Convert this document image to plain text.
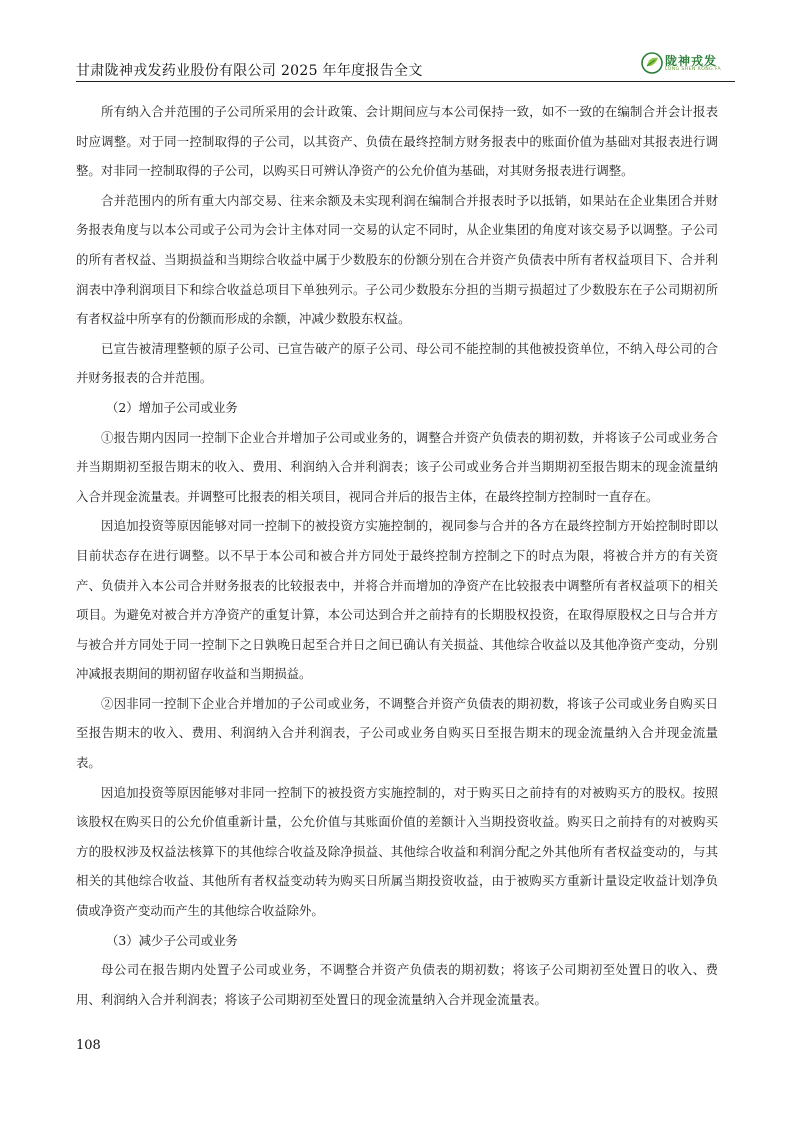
甘肃陇神戎发药业股份有限公司 2025 年年度报告全文
陇神戎发
LONG SHEN RONG FA

所有纳入合并范围的子公司所采用的会计政策、会计期间应与本公司保持一致，如不一致的在编制合并会计报表时应调整。对于同一控制取得的子公司，以其资产、负债在最终控制方财务报表中的账面价值为基础对其报表进行调整。对非同一控制取得的子公司，以购买日可辨认净资产的公允价值为基础，对其财务报表进行调整。

合并范围内的所有重大内部交易、往来余额及未实现利润在编制合并报表时予以抵销，如果站在企业集团合并财务报表角度与以本公司或子公司为会计主体对同一交易的认定不同时，从企业集团的角度对该交易予以调整。子公司的所有者权益、当期损益和当期综合收益中属于少数股东的份额分别在合并资产负债表中所有者权益项目下、合并利润表中净利润项目下和综合收益总项目下单独列示。子公司少数股东分担的当期亏损超过了少数股东在子公司期初所有者权益中所享有的份额而形成的余额，冲减少数股东权益。

已宣告被清理整顿的原子公司、已宣告破产的原子公司、母公司不能控制的其他被投资单位，不纳入母公司的合并财务报表的合并范围。

（2）增加子公司或业务

①报告期内因同一控制下企业合并增加子公司或业务的，调整合并资产负债表的期初数，并将该子公司或业务合并当期期初至报告期末的收入、费用、利润纳入合并利润表；该子公司或业务合并当期期初至报告期末的现金流量纳入合并现金流量表。并调整可比报表的相关项目，视同合并后的报告主体，在最终控制方控制时一直存在。

因追加投资等原因能够对同一控制下的被投资方实施控制的，视同参与合并的各方在最终控制方开始控制时即以目前状态存在进行调整。以不早于本公司和被合并方同处于最终控制方控制之下的时点为限，将被合并方的有关资产、负债并入本公司合并财务报表的比较报表中，并将合并而增加的净资产在比较报表中调整所有者权益项下的相关项目。为避免对被合并方净资产的重复计算，本公司达到合并之前持有的长期股权投资，在取得原股权之日与合并方与被合并方同处于同一控制下之日孰晚日起至合并日之间已确认有关损益、其他综合收益以及其他净资产变动，分别冲减报表期间的期初留存收益和当期损益。

②因非同一控制下企业合并增加的子公司或业务，不调整合并资产负债表的期初数，将该子公司或业务自购买日至报告期末的收入、费用、利润纳入合并利润表，子公司或业务自购买日至报告期末的现金流量纳入合并现金流量表。

因追加投资等原因能够对非同一控制下的被投资方实施控制的，对于购买日之前持有的对被购买方的股权。按照该股权在购买日的公允价值重新计量，公允价值与其账面价值的差额计入当期投资收益。购买日之前持有的对被购买方的股权涉及权益法核算下的其他综合收益及除净损益、其他综合收益和利润分配之外其他所有者权益变动的，与其相关的其他综合收益、其他所有者权益变动转为购买日所属当期投资收益，由于被购买方重新计量设定收益计划净负债或净资产变动而产生的其他综合收益除外。

（3）减少子公司或业务

母公司在报告期内处置子公司或业务，不调整合并资产负债表的期初数；将该子公司期初至处置日的收入、费用、利润纳入合并利润表；将该子公司期初至处置日的现金流量纳入合并现金流量表。

108
